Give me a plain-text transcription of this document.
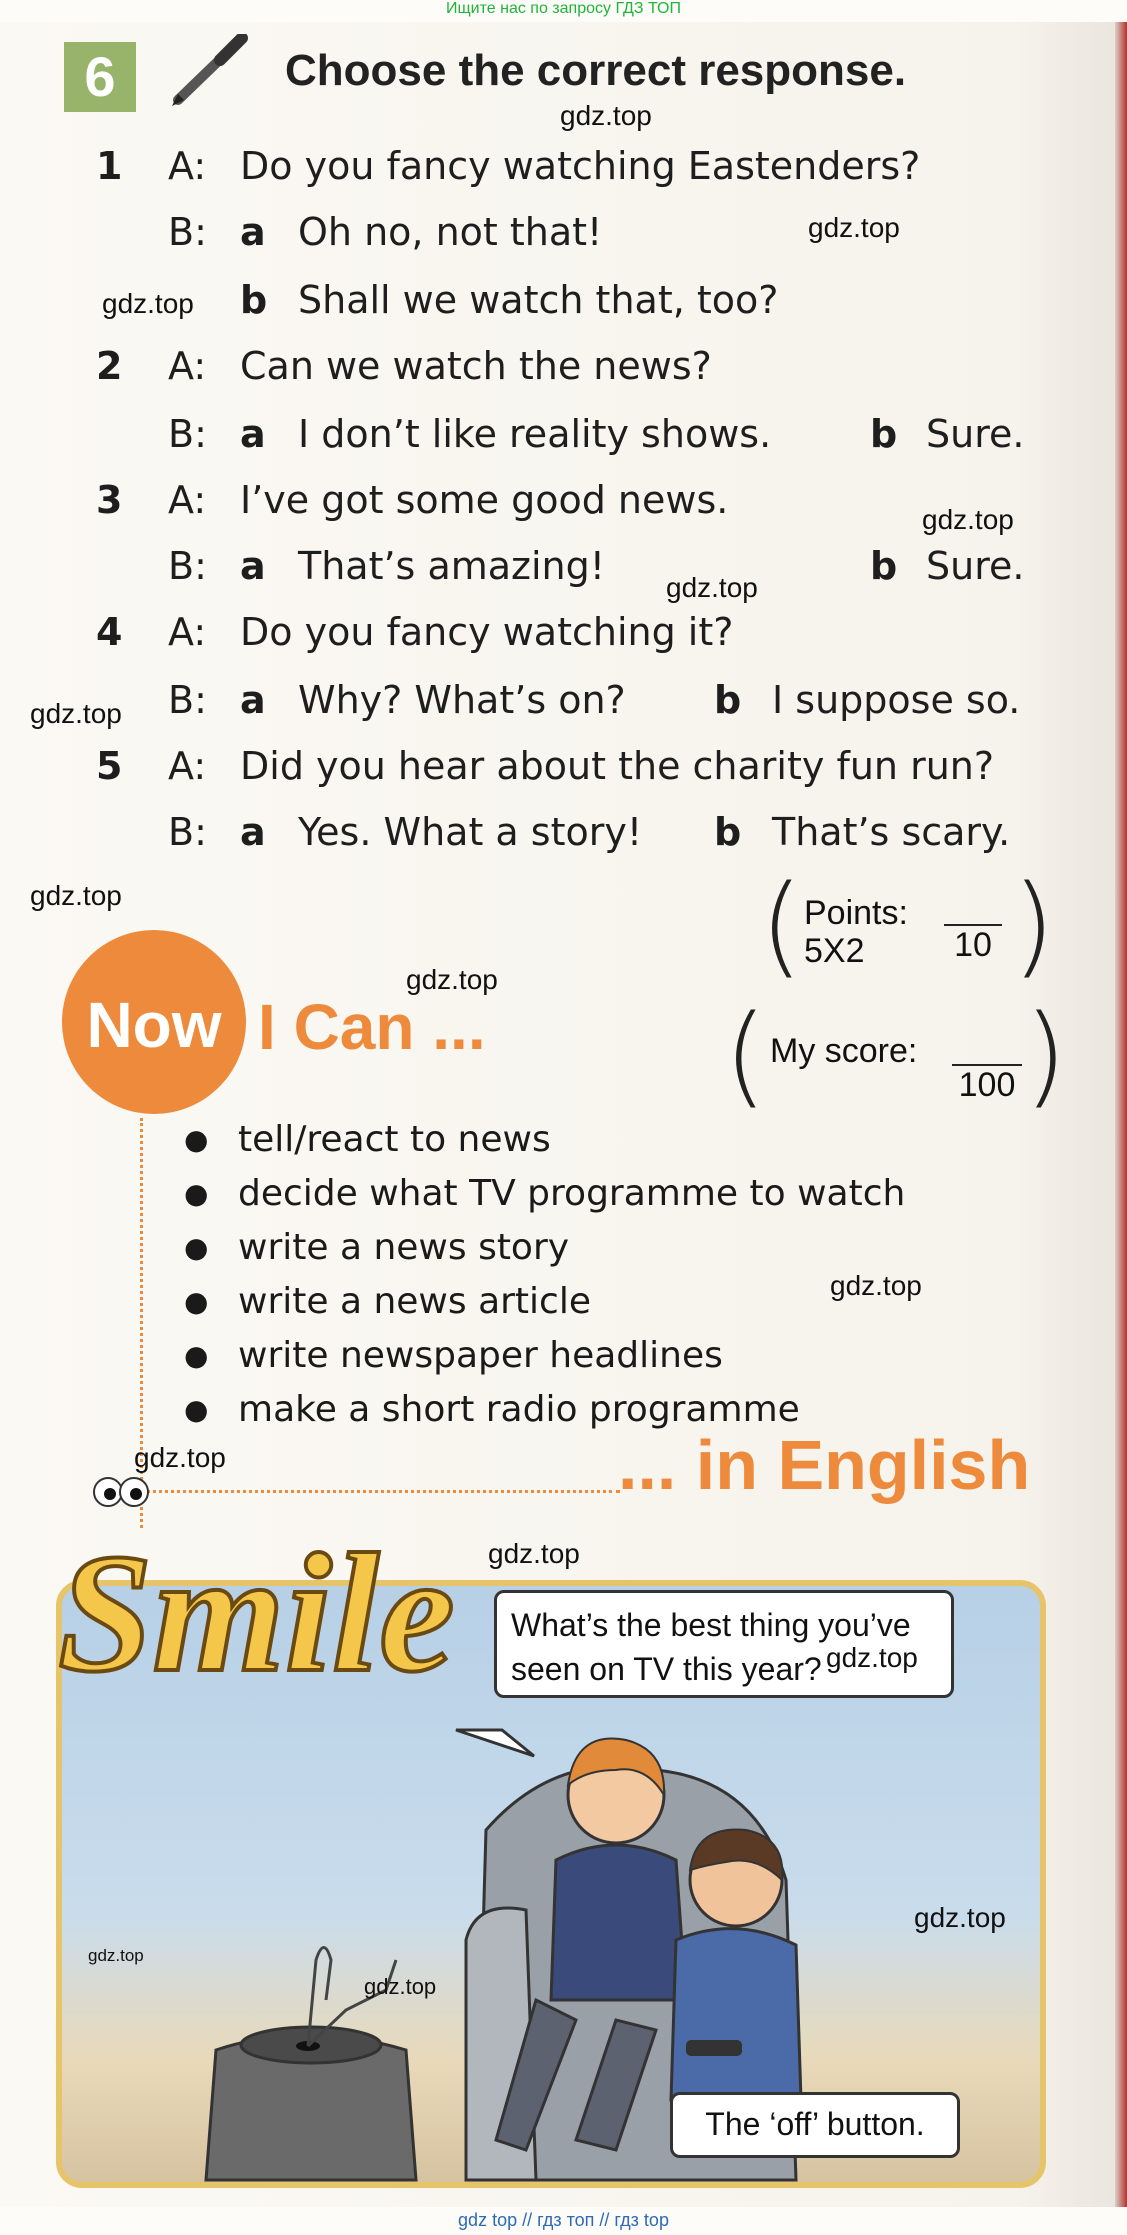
Ищите нас по запросу ГДЗ ТОП
6	Choose the correct response.
1 A: Do you fancy watching Eastenders?
B: a Oh no, not that!
b Shall we watch that, too?
2 A: Can we watch the news?
B: a I don’t like reality shows.	b Sure.
3 A: I’ve got some good news.
B: a That’s amazing!	b Sure.
4 A: Do you fancy watching it?
B: a Why? What’s on? b I suppose so.
5 A: Did you hear about the charity fun run?
B: a Yes. What a story! b That’s scary.
( Points:
5X2	10 )
Now I Can ... ( My score:
100 )
● tell/react to news
● decide what TV programme to watch
● write a news story
● write a news article
● write newspaper headlines
● make a short radio programme
... in English
Smile	What’s the best thing you’ve seen on TV this year?
The ‘off’ button.
gdz.top
gdz.top
gdz.top
gdz.top
gdz.top
gdz.top
gdz.top
gdz.top
gdz.top
gdz.top
gdz.top
gdz.top
gdz.top
gdz.top
gdz.top
gdz top // гдз топ // гдз top
